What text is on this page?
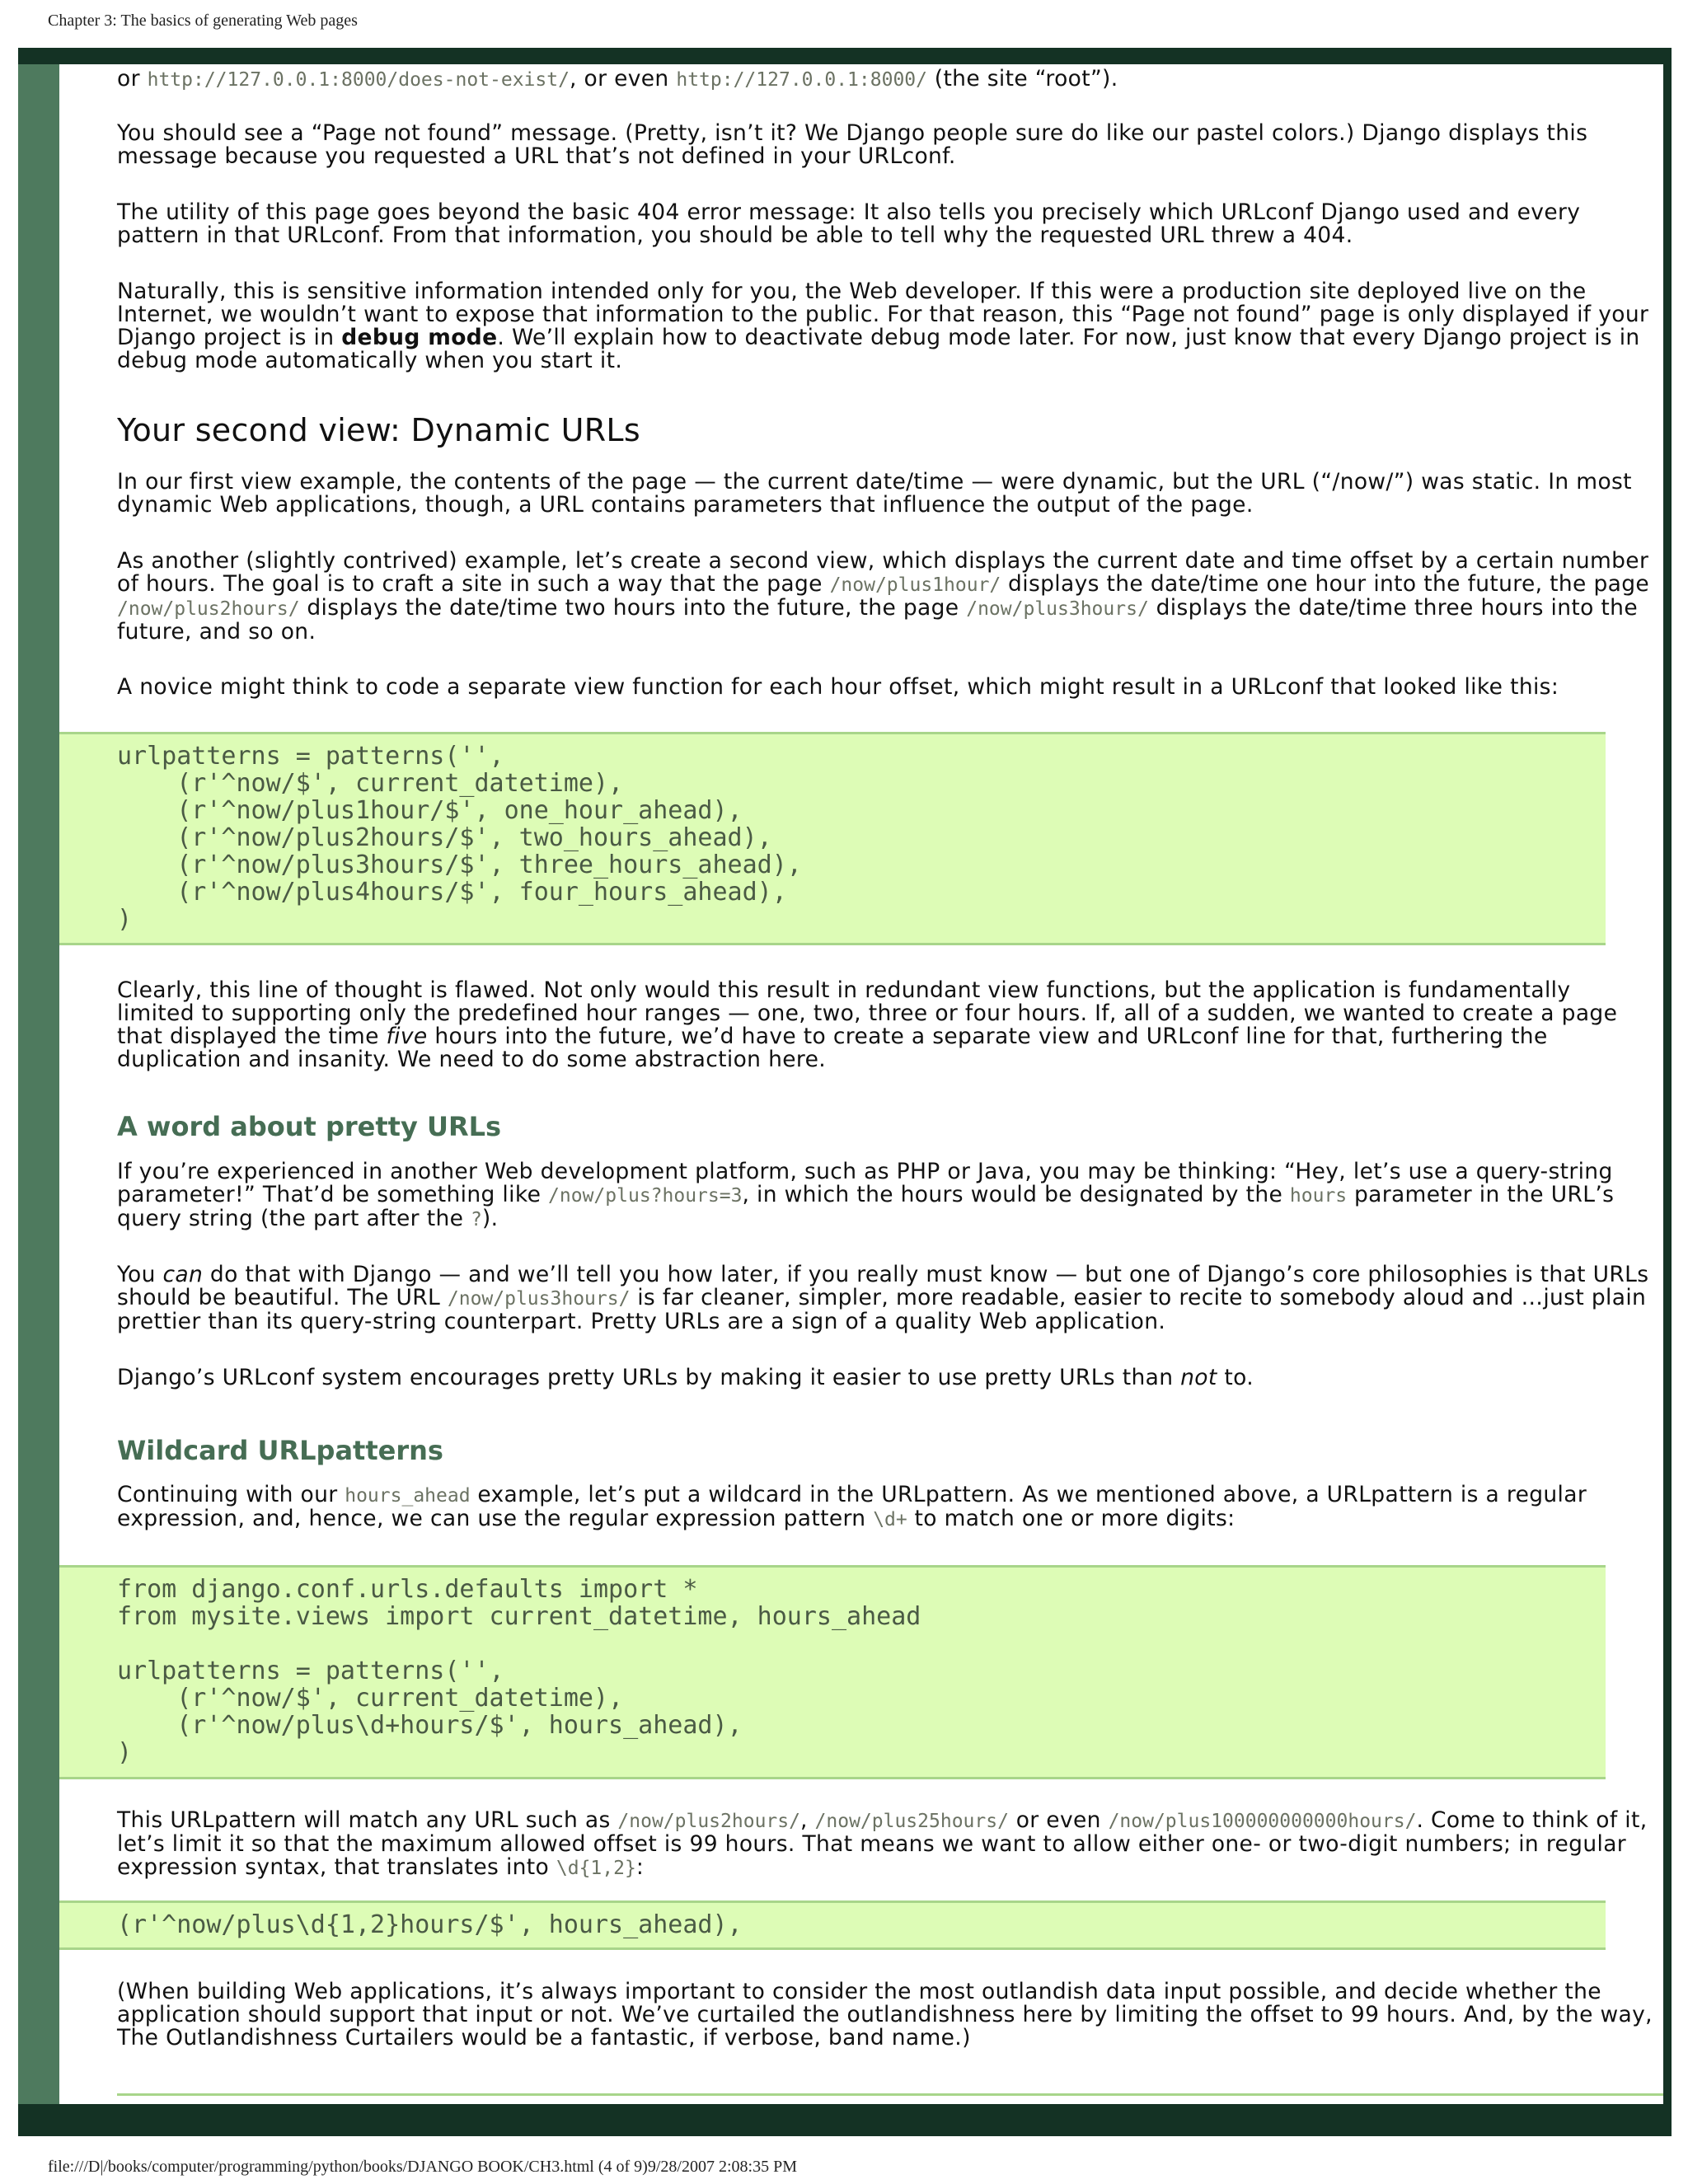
Chapter 3: The basics of generating Web pages

or http://127.0.0.1:8000/does-not-exist/, or even http://127.0.0.1:8000/ (the site “root”).

You should see a “Page not found” message. (Pretty, isn’t it? We Django people sure do like our pastel colors.) Django displays this message because you requested a URL that’s not defined in your URLconf.

The utility of this page goes beyond the basic 404 error message: It also tells you precisely which URLconf Django used and every pattern in that URLconf. From that information, you should be able to tell why the requested URL threw a 404.

Naturally, this is sensitive information intended only for you, the Web developer. If this were a production site deployed live on the Internet, we wouldn’t want to expose that information to the public. For that reason, this “Page not found” page is only displayed if your Django project is in debug mode. We’ll explain how to deactivate debug mode later. For now, just know that every Django project is in debug mode automatically when you start it.

Your second view: Dynamic URLs

In our first view example, the contents of the page — the current date/time — were dynamic, but the URL (“/now/”) was static. In most dynamic Web applications, though, a URL contains parameters that influence the output of the page.

As another (slightly contrived) example, let’s create a second view, which displays the current date and time offset by a certain number of hours. The goal is to craft a site in such a way that the page /now/plus1hour/ displays the date/time one hour into the future, the page /now/plus2hours/ displays the date/time two hours into the future, the page /now/plus3hours/ displays the date/time three hours into the future, and so on.

A novice might think to code a separate view function for each hour offset, which might result in a URLconf that looked like this:

urlpatterns = patterns('',
(r'^now/$', current_datetime),
(r'^now/plus1hour/$', one_hour_ahead),
(r'^now/plus2hours/$', two_hours_ahead),
(r'^now/plus3hours/$', three_hours_ahead),
(r'^now/plus4hours/$', four_hours_ahead),
)

Clearly, this line of thought is flawed. Not only would this result in redundant view functions, but the application is fundamentally limited to supporting only the predefined hour ranges — one, two, three or four hours. If, all of a sudden, we wanted to create a page that displayed the time five hours into the future, we’d have to create a separate view and URLconf line for that, furthering the duplication and insanity. We need to do some abstraction here.

A word about pretty URLs

If you’re experienced in another Web development platform, such as PHP or Java, you may be thinking: “Hey, let’s use a query-string parameter!” That’d be something like /now/plus?hours=3, in which the hours would be designated by the hours parameter in the URL’s query string (the part after the ?).

You can do that with Django — and we’ll tell you how later, if you really must know — but one of Django’s core philosophies is that URLs should be beautiful. The URL /now/plus3hours/ is far cleaner, simpler, more readable, easier to recite to somebody aloud and …just plain prettier than its query-string counterpart. Pretty URLs are a sign of a quality Web application.

Django’s URLconf system encourages pretty URLs by making it easier to use pretty URLs than not to.

Wildcard URLpatterns

Continuing with our hours_ahead example, let’s put a wildcard in the URLpattern. As we mentioned above, a URLpattern is a regular expression, and, hence, we can use the regular expression pattern \d+ to match one or more digits:

from django.conf.urls.defaults import *
from mysite.views import current_datetime, hours_ahead

urlpatterns = patterns('',
(r'^now/$', current_datetime),
(r'^now/plus\d+hours/$', hours_ahead),
)

This URLpattern will match any URL such as /now/plus2hours/, /now/plus25hours/ or even /now/plus100000000000hours/. Come to think of it, let’s limit it so that the maximum allowed offset is 99 hours. That means we want to allow either one- or two-digit numbers; in regular expression syntax, that translates into \d{1,2}:

(r'^now/plus\d{1,2}hours/$', hours_ahead),

(When building Web applications, it’s always important to consider the most outlandish data input possible, and decide whether the application should support that input or not. We’ve curtailed the outlandishness here by limiting the offset to 99 hours. And, by the way, The Outlandishness Curtailers would be a fantastic, if verbose, band name.)

file:///D|/books/computer/programming/python/books/DJANGO BOOK/CH3.html (4 of 9)9/28/2007 2:08:35 PM
